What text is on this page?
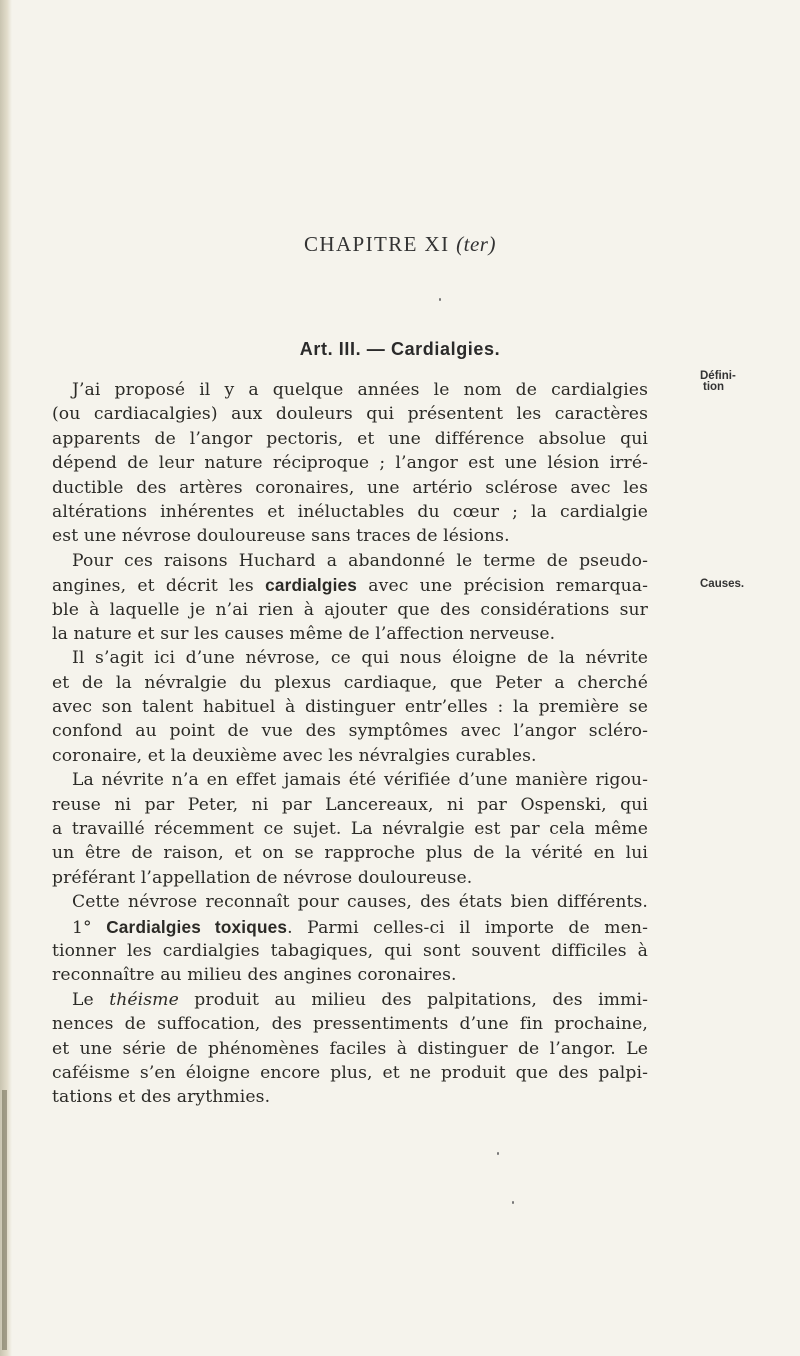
CHAPITRE XI (ter)
Art. III. — Cardialgies.
Défini-
tion
Causes.
J’ai proposé il y a quelque années le nom de cardialgies
(ou cardiacalgies) aux douleurs qui présentent les caractères
apparents de l’angor pectoris, et une différence absolue qui
dépend de leur nature réciproque ; l’angor est une lésion irré-
ductible des artères coronaires, une artério sclérose avec les
altérations inhérentes et inéluctables du cœur ; la cardialgie
est une névrose douloureuse sans traces de lésions.
Pour ces raisons Huchard a abandonné le terme de pseudo-
angines, et décrit les cardialgies avec une précision remarqua-
ble à laquelle je n’ai rien à ajouter que des considérations sur
la nature et sur les causes même de l’affection nerveuse.
Il s’agit ici d’une névrose, ce qui nous éloigne de la névrite
et de la névralgie du plexus cardiaque, que Peter a cherché
avec son talent habituel à distinguer entr’elles : la première se
confond au point de vue des symptômes avec l’angor scléro-
coronaire, et la deuxième avec les névralgies curables.
La névrite n’a en effet jamais été vérifiée d’une manière rigou-
reuse ni par Peter, ni par Lancereaux, ni par Ospenski, qui
a travaillé récemment ce sujet. La névralgie est par cela même
un être de raison, et on se rapproche plus de la vérité en lui
préférant l’appellation de névrose douloureuse.
Cette névrose reconnaît pour causes, des états bien différents.
1° Cardialgies toxiques. Parmi celles-ci il importe de men-
tionner les cardialgies tabagiques, qui sont souvent difficiles à
reconnaître au milieu des angines coronaires.
Le théisme produit au milieu des palpitations, des immi-
nences de suffocation, des pressentiments d’une fin prochaine,
et une série de phénomènes faciles à distinguer de l’angor. Le
caféisme s’en éloigne encore plus, et ne produit que des palpi-
tations et des arythmies.
